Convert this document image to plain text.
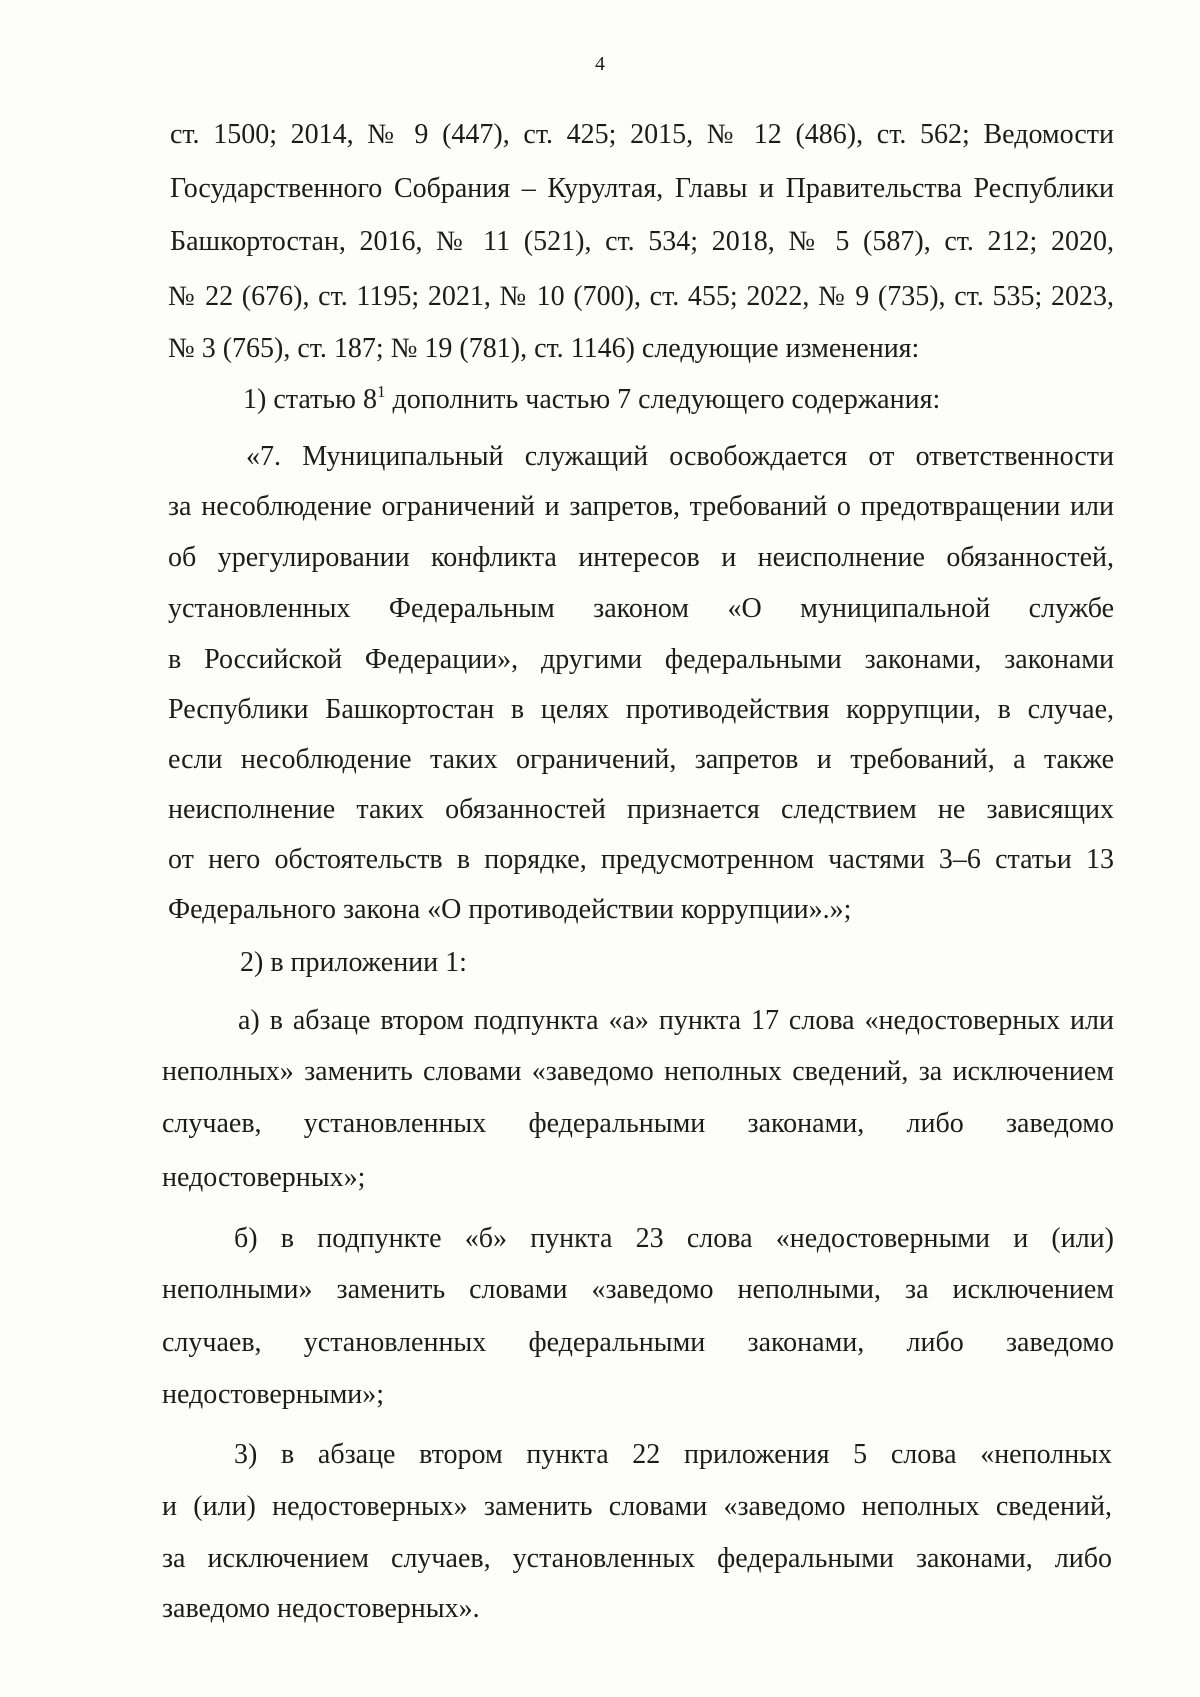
4
ст. 1500; 2014, № 9 (447), ст. 425; 2015, № 12 (486), ст. 562; Ведомости
Государственного Собрания – Курултая, Главы и Правительства Республики
Башкортостан, 2016, № 11 (521), ст. 534; 2018, № 5 (587), ст. 212; 2020,
№ 22 (676), ст. 1195; 2021, № 10 (700), ст. 455; 2022, № 9 (735), ст. 535; 2023,
№ 3 (765), ст. 187; № 19 (781), ст. 1146) следующие изменения:
1) статью $8^1$ дополнить частью 7 следующего содержания:
«7. Муниципальный служащий освобождается от ответственности
за несоблюдение ограничений и запретов, требований о предотвращении или
об урегулировании конфликта интересов и неисполнение обязанностей,
установленных Федеральным законом «О муниципальной службе
в Российской Федерации», другими федеральными законами, законами
Республики Башкортостан в целях противодействия коррупции, в случае,
если несоблюдение таких ограничений, запретов и требований, а также
неисполнение таких обязанностей признается следствием не зависящих
от него обстоятельств в порядке, предусмотренном частями 3–6 статьи 13
Федерального закона «О противодействии коррупции».»;
2) в приложении 1:
а) в абзаце втором подпункта «а» пункта 17 слова «недостоверных или
неполных» заменить словами «заведомо неполных сведений, за исключением
случаев, установленных федеральными законами, либо заведомо
недостоверных»;
б) в подпункте «б» пункта 23 слова «недостоверными и (или)
неполными» заменить словами «заведомо неполными, за исключением
случаев, установленных федеральными законами, либо заведомо
недостоверными»;
3) в абзаце втором пункта 22 приложения 5 слова «неполных
и (или) недостоверных» заменить словами «заведомо неполных сведений,
за исключением случаев, установленных федеральными законами, либо
заведомо недостоверных».
